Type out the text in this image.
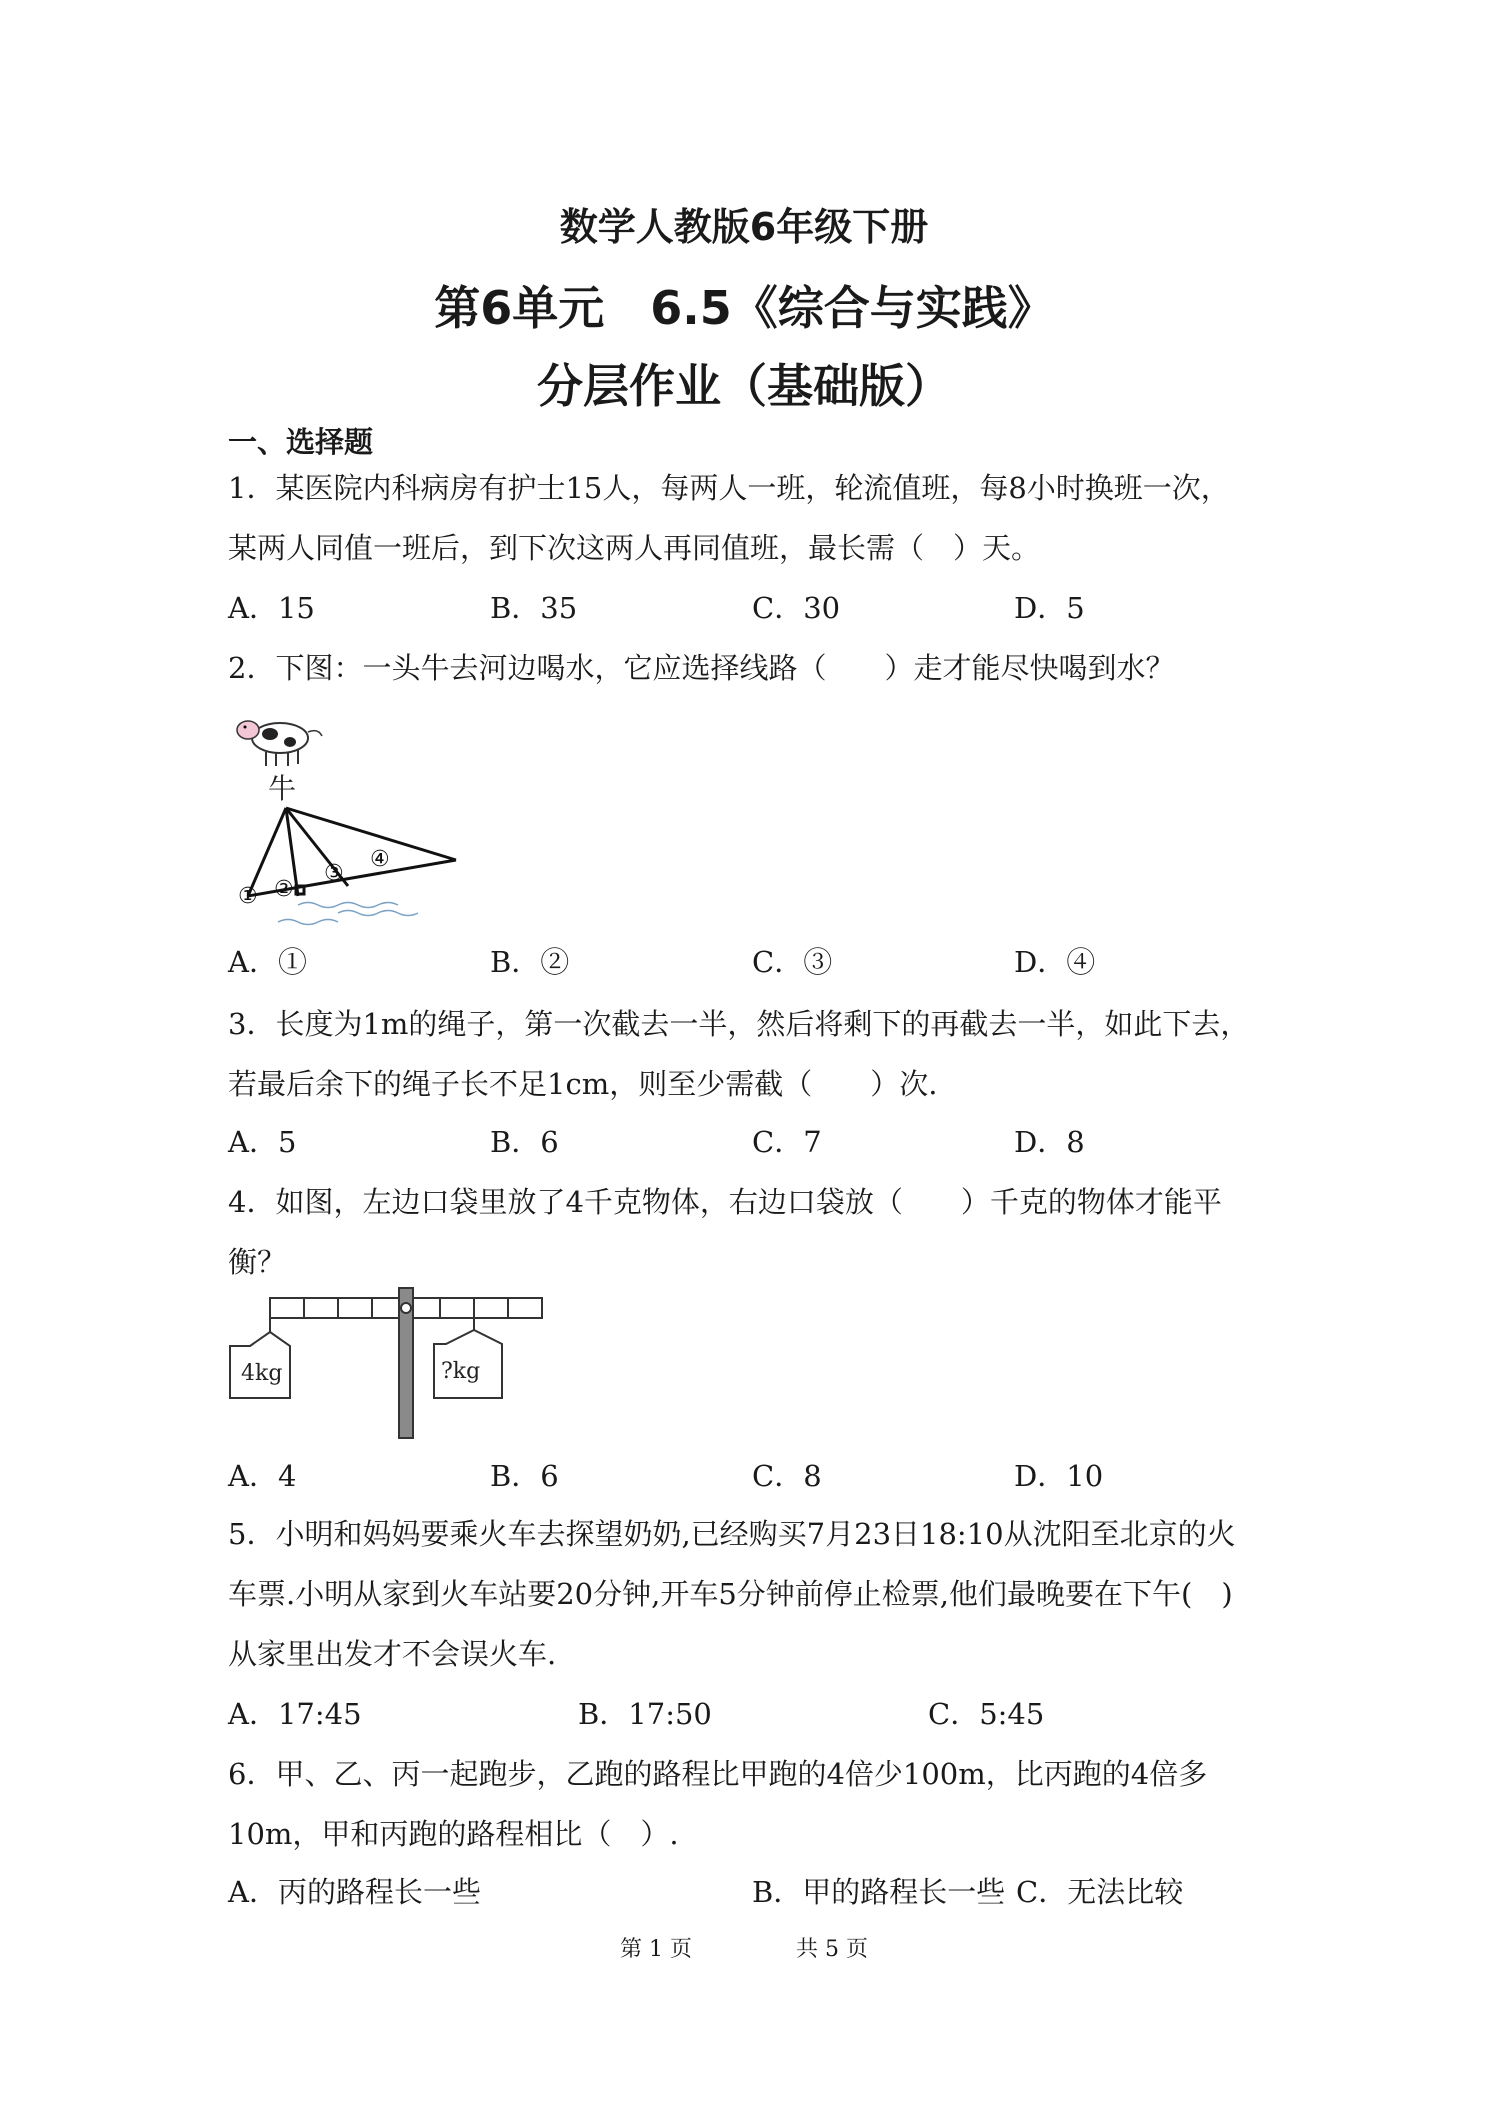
数学人教版6年级下册
第6单元　6.5《综合与实践》
分层作业（基础版）
一、选择题
1．某医院内科病房有护士15人，每两人一班，轮流值班，每8小时换班一次，
某两人同值一班后，到下次这两人再同值班，最长需（　）天。
A．15	B．35	C．30	D．5
2．下图：一头牛去河边喝水，它应选择线路（　　）走才能尽快喝到水？
牛
① ②
③
④
A．①	B．②	C．③	D．④
3．长度为1m的绳子，第一次截去一半，然后将剩下的再截去一半，如此下去，
若最后余下的绳子长不足1cm，则至少需截（　　）次.
A．5	B．6	C．7	D．8
4．如图，左边口袋里放了4千克物体，右边口袋放（　　）千克的物体才能平
衡？
4kg	?kg
A．4	B．6	C．8	D．10
5．小明和妈妈要乘火车去探望奶奶,已经购买7月23日18:10从沈阳至北京的火
车票.小明从家到火车站要20分钟,开车5分钟前停止检票,他们最晚要在下午(　)
从家里出发才不会误火车.
A．17:45	B．17:50	C．5:45
6．甲、乙、丙一起跑步，乙跑的路程比甲跑的4倍少100m，比丙跑的4倍多
10m，甲和丙跑的路程相比（　）.
A．丙的路程长一些	B．甲的路程长一些 C．无法比较
第 1 页	共 5 页
